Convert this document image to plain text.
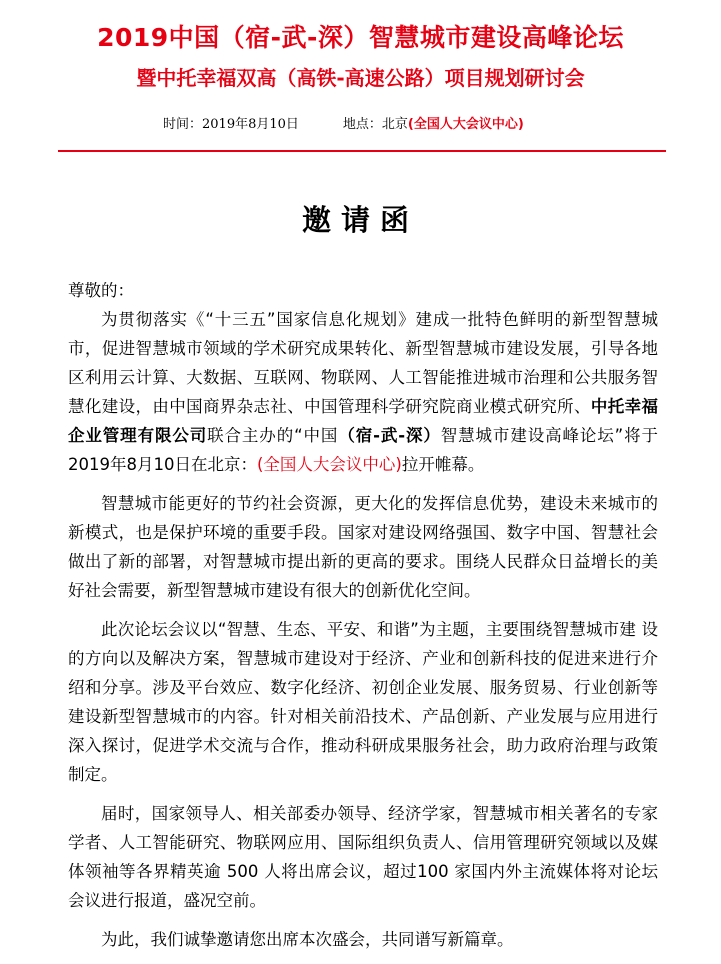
2019中国（宿-武-深）智慧城市建设高峰论坛
暨中托幸福双高（高铁-高速公路）项目规划研讨会
时间：2019年8月10日	地点：北京(全国人大会议中心)
邀请函

尊敬的：

为贯彻落实《“十三五”国家信息化规划》建成一批特色鲜明的新型智慧城市，促进智慧城市领域的学术研究成果转化、新型智慧城市建设发展，引导各地区利用云计算、大数据、互联网、物联网、人工智能推进城市治理和公共服务智慧化建设，由中国商界杂志社、中国管理科学研究院商业模式研究所、中托幸福企业管理有限公司联合主办的“中国（宿-武-深）智慧城市建设高峰论坛”将于2019年8月10日在北京：(全国人大会议中心)拉开帷幕。

智慧城市能更好的节约社会资源，更大化的发挥信息优势，建设未来城市的新模式，也是保护环境的重要手段。国家对建设网络强国、数字中国、智慧社会做出了新的部署，对智慧城市提出新的更高的要求。围绕人民群众日益增长的美好社会需要，新型智慧城市建设有很大的创新优化空间。

此次论坛会议以“智慧、生态、平安、和谐”为主题，主要围绕智慧城市建 设的方向以及解决方案，智慧城市建设对于经济、产业和创新科技的促进来进行介绍和分享。涉及平台效应、数字化经济、初创企业发展、服务贸易、行业创新等建设新型智慧城市的内容。针对相关前沿技术、产品创新、产业发展与应用进行深入探讨，促进学术交流与合作，推动科研成果服务社会，助力政府治理与政策制定。

届时，国家领导人、相关部委办领导、经济学家，智慧城市相关著名的专家学者、人工智能研究、物联网应用、国际组织负责人、信用管理研究领域以及媒体领袖等各界精英逾 500 人将出席会议，超过100 家国内外主流媒体将对论坛会议进行报道，盛况空前。

为此，我们诚挚邀请您出席本次盛会，共同谱写新篇章。
